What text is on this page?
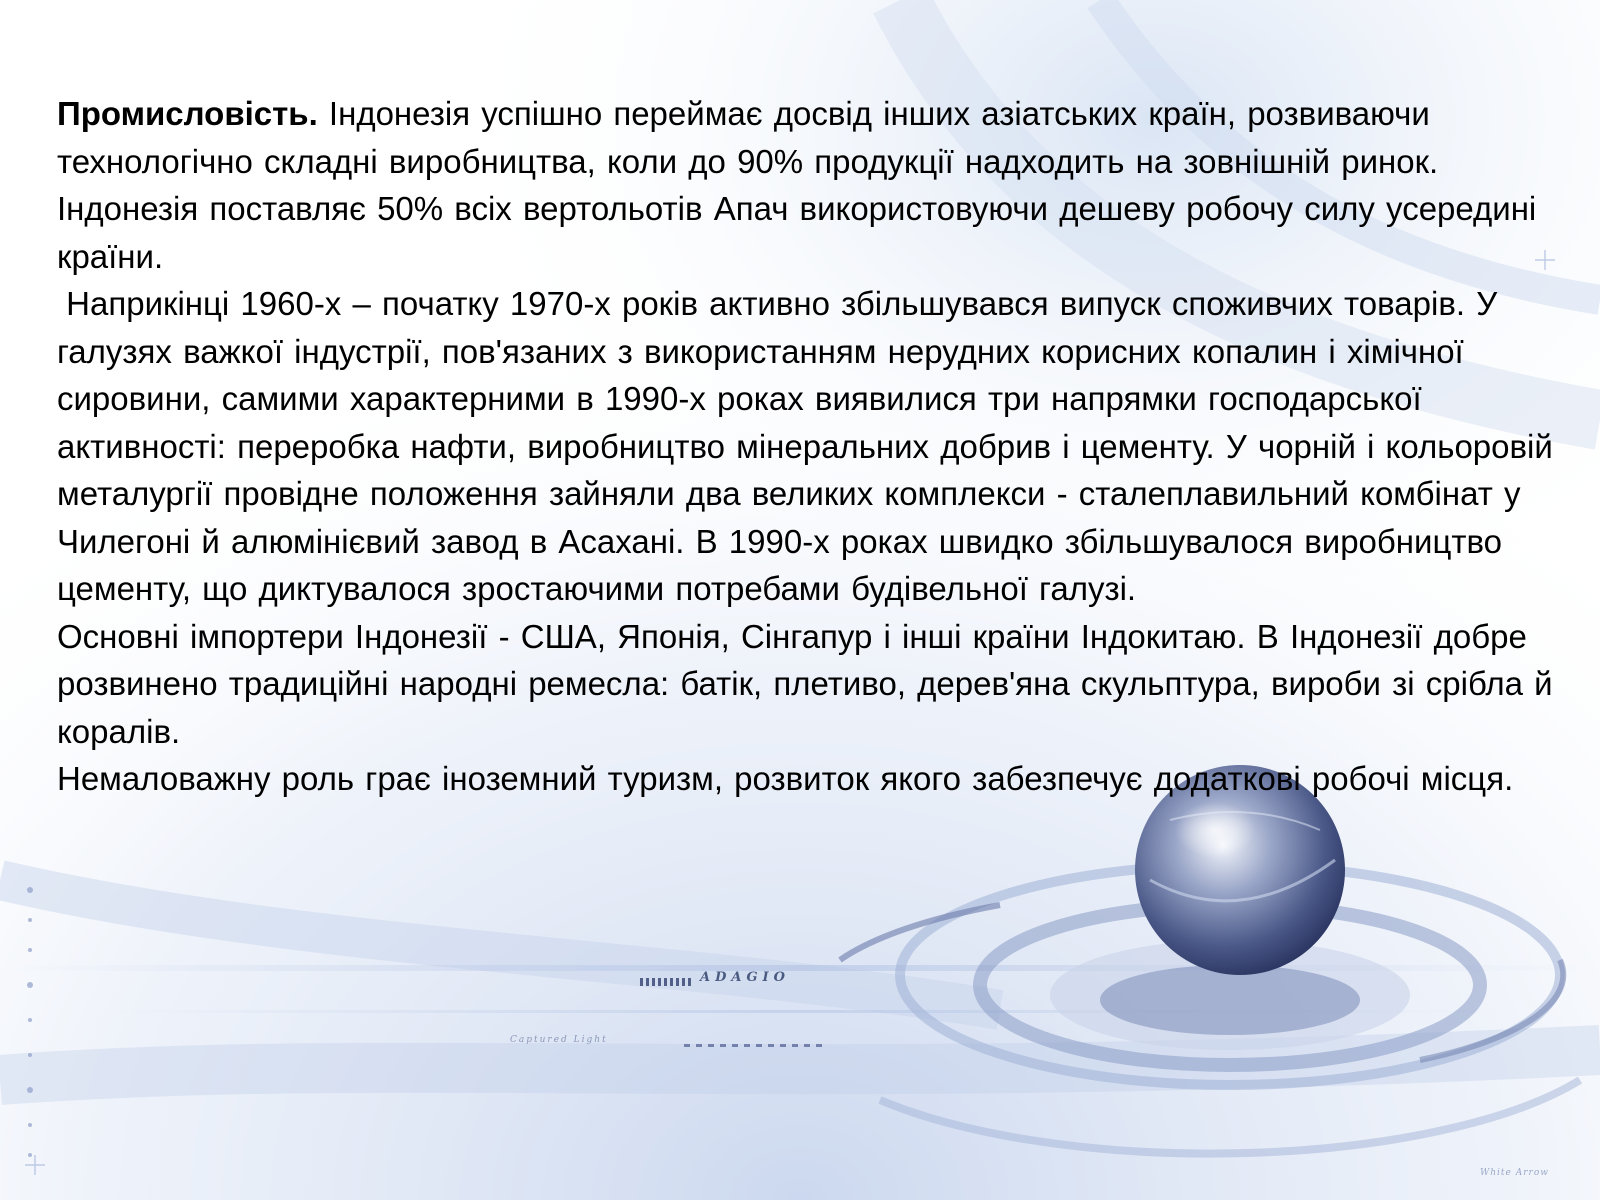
ADAGIO
Captured Light
White Arrow

Промисловість. Індонезія успішно переймає досвід інших азіатських країн, розвиваючи технологічно складні виробництва, коли до 90% продукції надходить на зовнішній ринок. Індонезія поставляє 50% всіх вертольотів Апач використовуючи дешеву робочу силу усередині країни.

Наприкінці 1960-х – початку 1970-х років активно збільшувався випуск споживчих товарів. У галузях важкої індустрії, пов'язаних з використанням нерудних корисних копалин і хімічної сировини, самими характерними в 1990-х роках виявилися три напрямки господарської активності: переробка нафти, виробництво мінеральних добрив і цементу. У чорній і кольоровій металургії провідне положення зайняли два великих комплекси - сталеплавильний комбінат у Чилегоні й алюмінієвий завод в Асахані. В 1990-х роках швидко збільшувалося виробництво цементу, що диктувалося зростаючими потребами будівельної галузі.

Основні імпортери Індонезії - США, Японія, Сінгапур і інші країни Індокитаю. В Індонезії добре розвинено традиційні народні ремесла: батік, плетиво, дерев'яна скульптура, вироби зі срібла й коралів.

Немаловажну роль грає іноземний туризм, розвиток якого забезпечує додаткові робочі місця.
